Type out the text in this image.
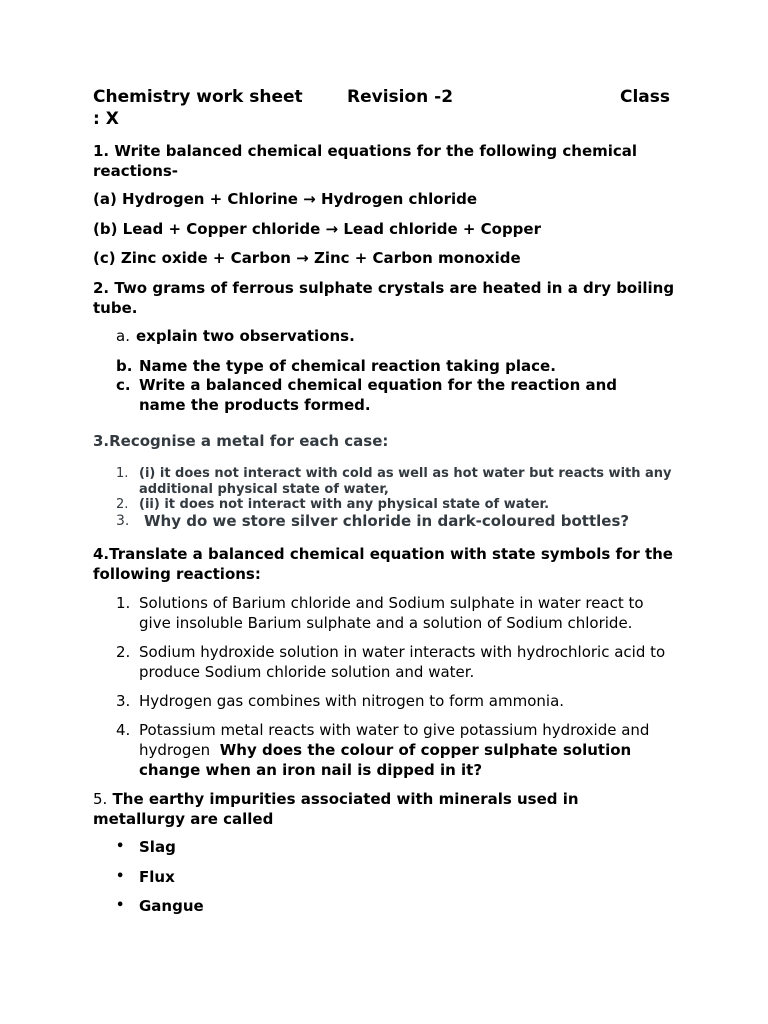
Chemistry work sheet	Revision -2	Class
: X
1. Write balanced chemical equations for the following chemical reactions-
(a) Hydrogen + Chlorine → Hydrogen chloride
(b) Lead + Copper chloride → Lead chloride + Copper
(c) Zinc oxide + Carbon → Zinc + Carbon monoxide
2. Two grams of ferrous sulphate crystals are heated in a dry boiling tube.
a. explain two observations.
b. Name the type of chemical reaction taking place.
c. Write a balanced chemical equation for the reaction and name the products formed.
3.Recognise a metal for each case:
1. (i) it does not interact with cold as well as hot water but reacts with any additional physical state of water,
2. (ii) it does not interact with any physical state of water.
3. Why do we store silver chloride in dark-coloured bottles?
4.Translate a balanced chemical equation with state symbols for the following reactions:
1. Solutions of Barium chloride and Sodium sulphate in water react to give insoluble Barium sulphate and a solution of Sodium chloride.
2. Sodium hydroxide solution in water interacts with hydrochloric acid to produce Sodium chloride solution and water.
3. Hydrogen gas combines with nitrogen to form ammonia.
4. Potassium metal reacts with water to give potassium hydroxide and hydrogen Why does the colour of copper sulphate solution change when an iron nail is dipped in it?
5. The earthy impurities associated with minerals used in metallurgy are called
• Slag
• Flux
• Gangue
